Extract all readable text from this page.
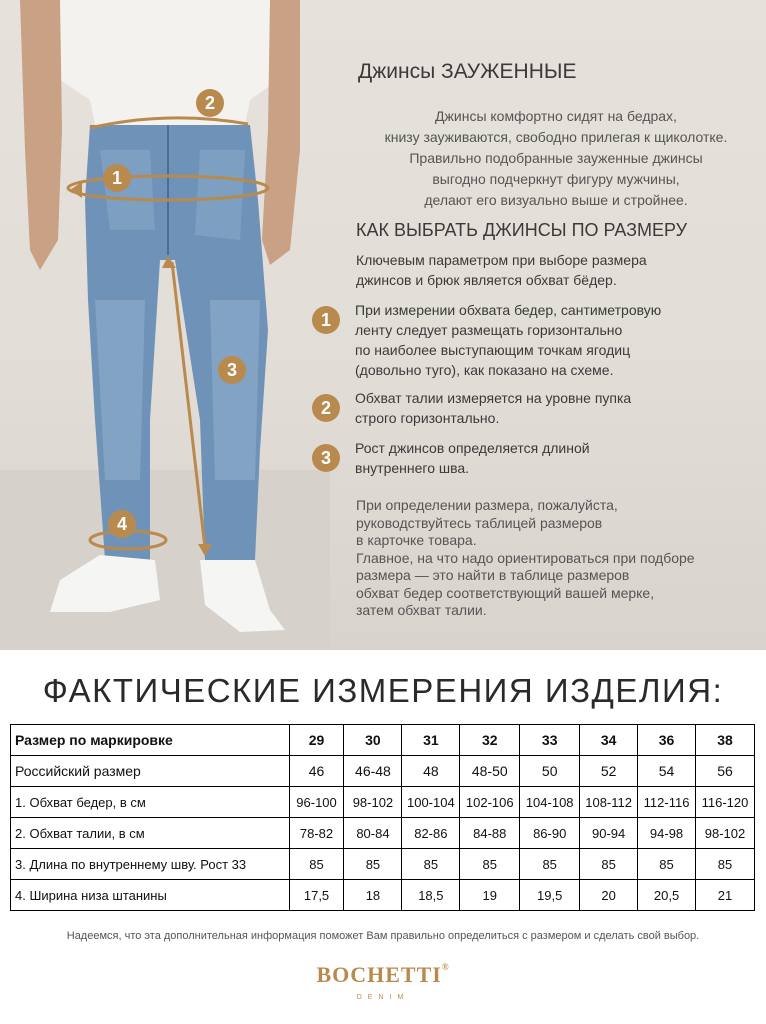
1
2
3
4
Джинсы ЗАУЖЕННЫЕ
Джинсы комфортно сидят на бедрах,
книзу зауживаются, свободно прилегая к щиколотке.
Правильно подобранные зауженные джинсы
выгодно подчеркнут фигуру мужчины,
делают его визуально выше и стройнее.
КАК ВЫБРАТЬ ДЖИНСЫ ПО РАЗМЕРУ
Ключевым параметром при выборе размера
джинсов и брюк является обхват бёдер.
1	При измерении обхвата бедер, сантиметровую
ленту следует размещать горизонтально
по наиболее выступающим точкам ягодиц
(довольно туго), как показано на схеме.
2	Обхват талии измеряется на уровне пупка
строго горизонтально.
3	Рост джинсов определяется длиной
внутреннего шва.
При определении размера, пожалуйста,
руководствуйтесь таблицей размеров
в карточке товара.
Главное, на что надо ориентироваться при подборе
размера — это найти в таблице размеров
обхват бедер соответствующий вашей мерке,
затем обхват талии.
ФАКТИЧЕСКИЕ ИЗМЕРЕНИЯ ИЗДЕЛИЯ:
Размер по маркировке	29	30	31	32	33	34	36	38
Российский размер	46	46-48	48	48-50	50	52	54	56
1. Обхват бедер, в см	96-100	98-102	100-104	102-106	104-108	108-112	112-116	116-120
2. Обхват талии, в см	78-82	80-84	82-86	84-88	86-90	90-94	94-98	98-102
3. Длина по внутреннему шву. Рост 33	85	85	85	85	85	85	85	85
4. Ширина низа штанины	17,5	18	18,5	19	19,5	20	20,5	21
Надеемся, что эта дополнительная информация поможет Вам правильно определиться с размером и сделать свой выбор.
BOCHETTI®
DENIM
